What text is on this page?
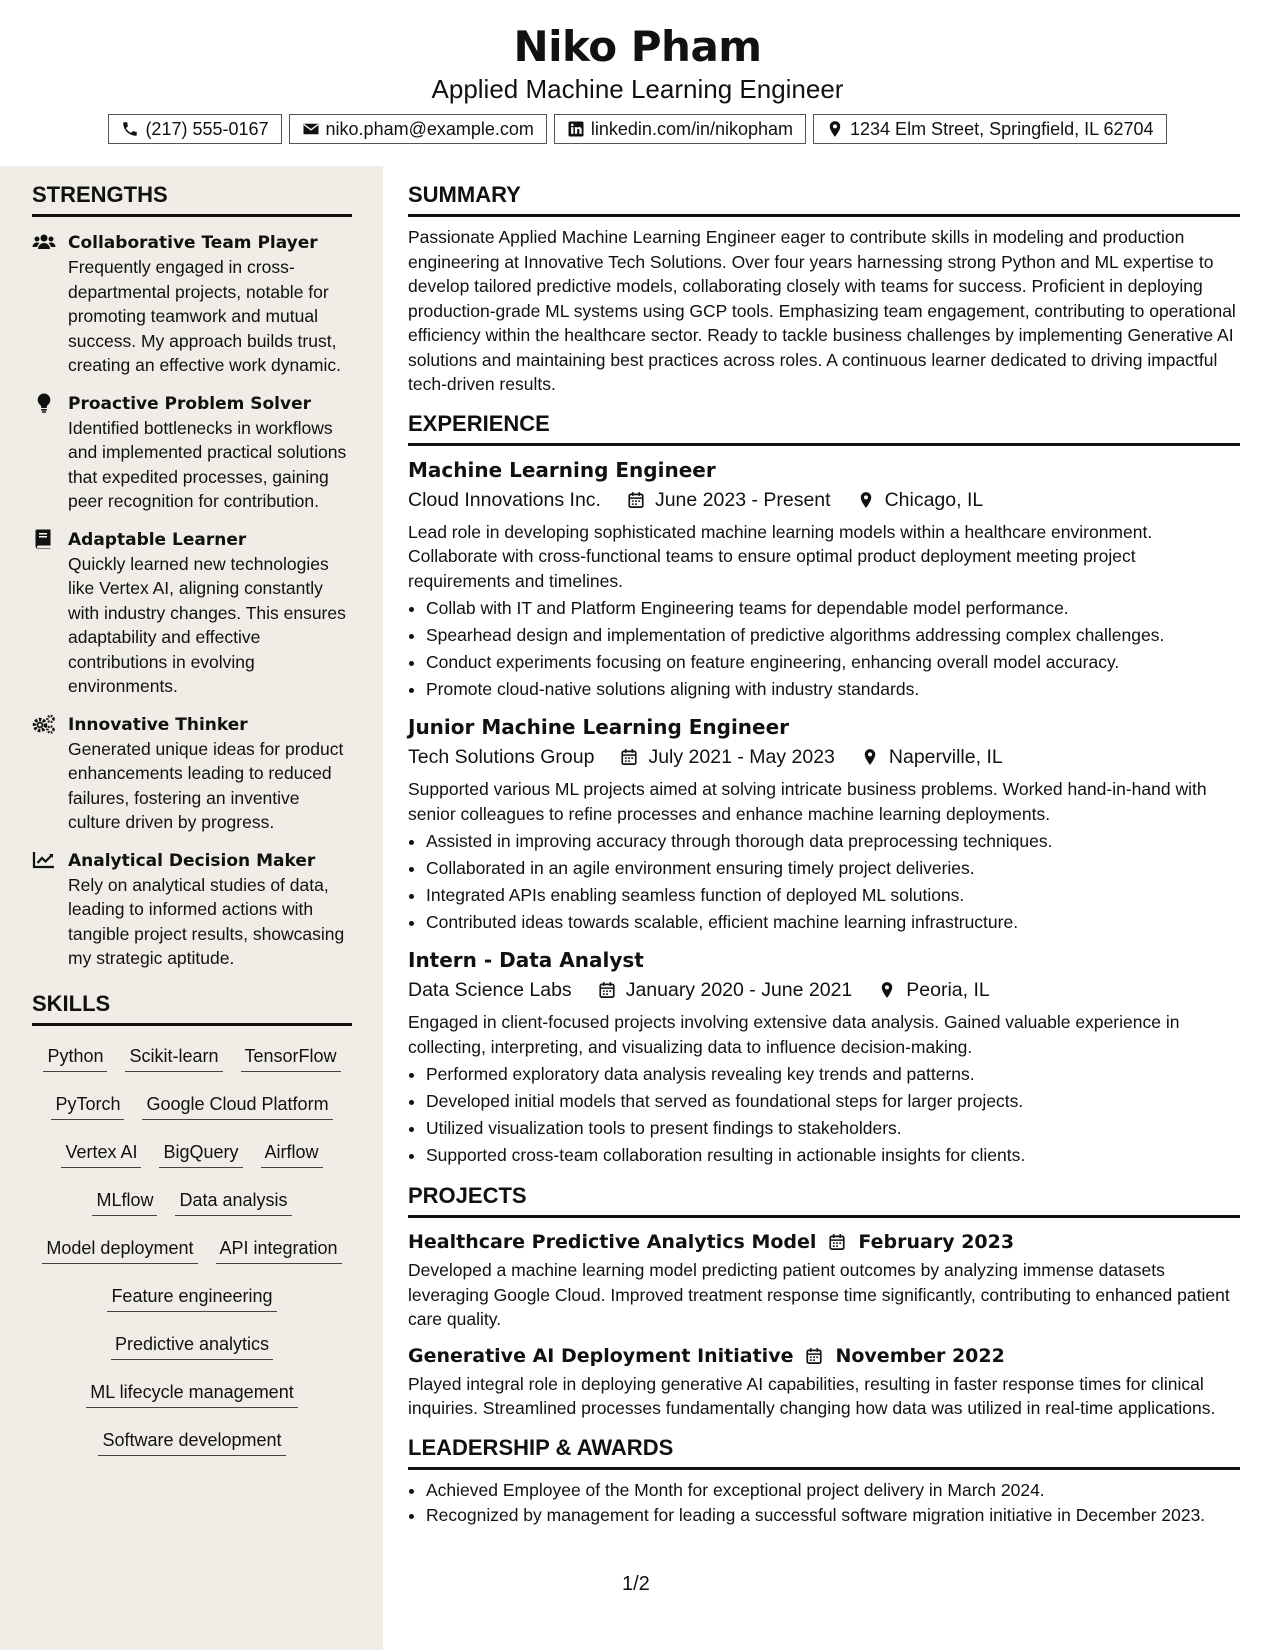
Niko Pham
Applied Machine Learning Engineer
(217) 555-0167	niko.pham@example.com	linkedin.com/in/nikopham	1234 Elm Street, Springfield, IL 62704
STRENGTHS
Collaborative Team Player
Frequently engaged in cross-departmental projects, notable for promoting teamwork and mutual success. My approach builds trust, creating an effective work dynamic.
Proactive Problem Solver
Identified bottlenecks in workflows and implemented practical solutions that expedited processes, gaining peer recognition for contribution.
Adaptable Learner
Quickly learned new technologies like Vertex AI, aligning constantly with industry changes. This ensures adaptability and effective contributions in evolving environments.
Innovative Thinker
Generated unique ideas for product enhancements leading to reduced failures, fostering an inventive culture driven by progress.
Analytical Decision Maker
Rely on analytical studies of data, leading to informed actions with tangible project results, showcasing my strategic aptitude.
SKILLS
Python Scikit-learn TensorFlow
PyTorch Google Cloud Platform
Vertex AI BigQuery Airflow
MLflow Data analysis
Model deployment API integration
Feature engineering
Predictive analytics
ML lifecycle management
Software development
SUMMARY
Passionate Applied Machine Learning Engineer eager to contribute skills in modeling and production engineering at Innovative Tech Solutions. Over four years harnessing strong Python and ML expertise to develop tailored predictive models, collaborating closely with teams for success. Proficient in deploying production-grade ML systems using GCP tools. Emphasizing team engagement, contributing to operational efficiency within the healthcare sector. Ready to tackle business challenges by implementing Generative AI solutions and maintaining best practices across roles. A continuous learner dedicated to driving impactful tech-driven results.
EXPERIENCE
Machine Learning Engineer
Cloud Innovations Inc.	June 2023 - Present	Chicago, IL
Lead role in developing sophisticated machine learning models within a healthcare environment. Collaborate with cross-functional teams to ensure optimal product deployment meeting project requirements and timelines.
• Collab with IT and Platform Engineering teams for dependable model performance.
• Spearhead design and implementation of predictive algorithms addressing complex challenges.
• Conduct experiments focusing on feature engineering, enhancing overall model accuracy.
• Promote cloud-native solutions aligning with industry standards.
Junior Machine Learning Engineer
Tech Solutions Group	July 2021 - May 2023	Naperville, IL
Supported various ML projects aimed at solving intricate business problems. Worked hand-in-hand with senior colleagues to refine processes and enhance machine learning deployments.
• Assisted in improving accuracy through thorough data preprocessing techniques.
• Collaborated in an agile environment ensuring timely project deliveries.
• Integrated APIs enabling seamless function of deployed ML solutions.
• Contributed ideas towards scalable, efficient machine learning infrastructure.
Intern - Data Analyst
Data Science Labs	January 2020 - June 2021	Peoria, IL
Engaged in client-focused projects involving extensive data analysis. Gained valuable experience in collecting, interpreting, and visualizing data to influence decision-making.
• Performed exploratory data analysis revealing key trends and patterns.
• Developed initial models that served as foundational steps for larger projects.
• Utilized visualization tools to present findings to stakeholders.
• Supported cross-team collaboration resulting in actionable insights for clients.
PROJECTS
Healthcare Predictive Analytics Model February 2023
Developed a machine learning model predicting patient outcomes by analyzing immense datasets leveraging Google Cloud. Improved treatment response time significantly, contributing to enhanced patient care quality.
Generative AI Deployment Initiative November 2022
Played integral role in deploying generative AI capabilities, resulting in faster response times for clinical inquiries. Streamlined processes fundamentally changing how data was utilized in real-time applications.
LEADERSHIP & AWARDS
• Achieved Employee of the Month for exceptional project delivery in March 2024.
• Recognized by management for leading a successful software migration initiative in December 2023.
1/2
